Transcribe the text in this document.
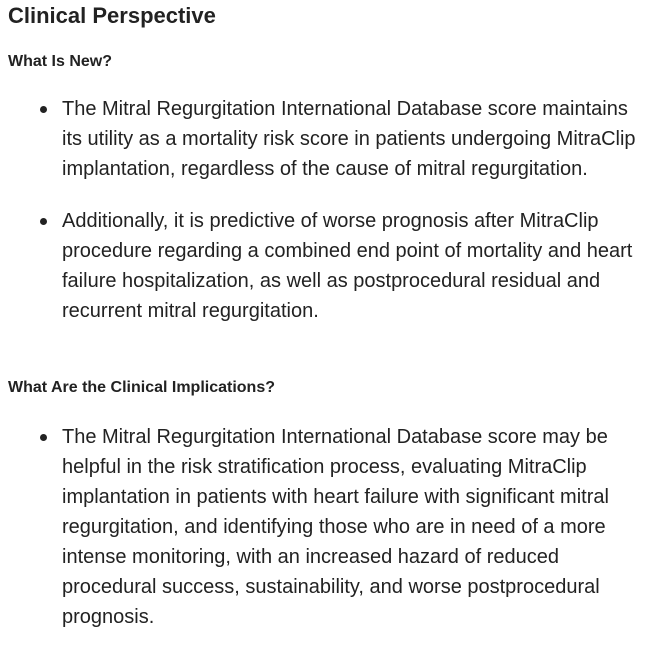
Clinical Perspective
What Is New?
The Mitral Regurgitation International Database score maintains its utility as a mortality risk score in patients undergoing MitraClip implantation, regardless of the cause of mitral regurgitation.
Additionally, it is predictive of worse prognosis after MitraClip procedure regarding a combined end point of mortality and heart failure hospitalization, as well as postprocedural residual and recurrent mitral regurgitation.
What Are the Clinical Implications?
The Mitral Regurgitation International Database score may be helpful in the risk stratification process, evaluating MitraClip implantation in patients with heart failure with significant mitral regurgitation, and identifying those who are in need of a more intense monitoring, with an increased hazard of reduced procedural success, sustainability, and worse postprocedural prognosis.
